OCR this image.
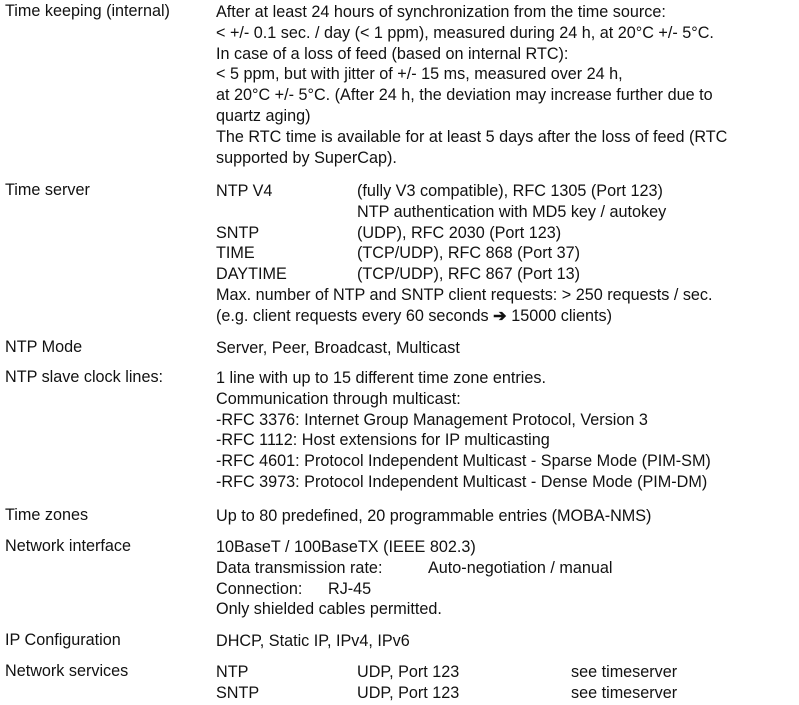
Time keeping (internal)	After at least 24 hours of synchronization from the time source:
< +/- 0.1 sec. / day (< 1 ppm), measured during 24 h, at 20°C +/- 5°C.
In case of a loss of feed (based on internal RTC):
< 5 ppm, but with jitter of +/- 15 ms, measured over 24 h,
at 20°C +/- 5°C. (After 24 h, the deviation may increase further due to
quartz aging)
The RTC time is available for at least 5 days after the loss of feed (RTC
supported by SuperCap).
Time server	NTP V4	(fully V3 compatible), RFC 1305 (Port 123)
NTP authentication with MD5 key / autokey
SNTP	(UDP), RFC 2030 (Port 123)
TIME	(TCP/UDP), RFC 868 (Port 37)
DAYTIME	(TCP/UDP), RFC 867 (Port 13)
Max. number of NTP and SNTP client requests: > 250 requests / sec.
(e.g. client requests every 60 seconds ➔ 15000 clients)
NTP Mode	Server, Peer, Broadcast, Multicast
NTP slave clock lines:	1 line with up to 15 different time zone entries.
Communication through multicast:
-RFC 3376: Internet Group Management Protocol, Version 3
-RFC 1112: Host extensions for IP multicasting
-RFC 4601: Protocol Independent Multicast - Sparse Mode (PIM-SM)
-RFC 3973: Protocol Independent Multicast - Dense Mode (PIM-DM)
Time zones	Up to 80 predefined, 20 programmable entries (MOBA-NMS)
Network interface	10BaseT / 100BaseTX (IEEE 802.3)
Data transmission rate:	Auto-negotiation / manual
Connection: RJ-45
Only shielded cables permitted.
IP Configuration	DHCP, Static IP, IPv4, IPv6
Network services	NTP	UDP, Port 123	see timeserver
SNTP	UDP, Port 123	see timeserver
